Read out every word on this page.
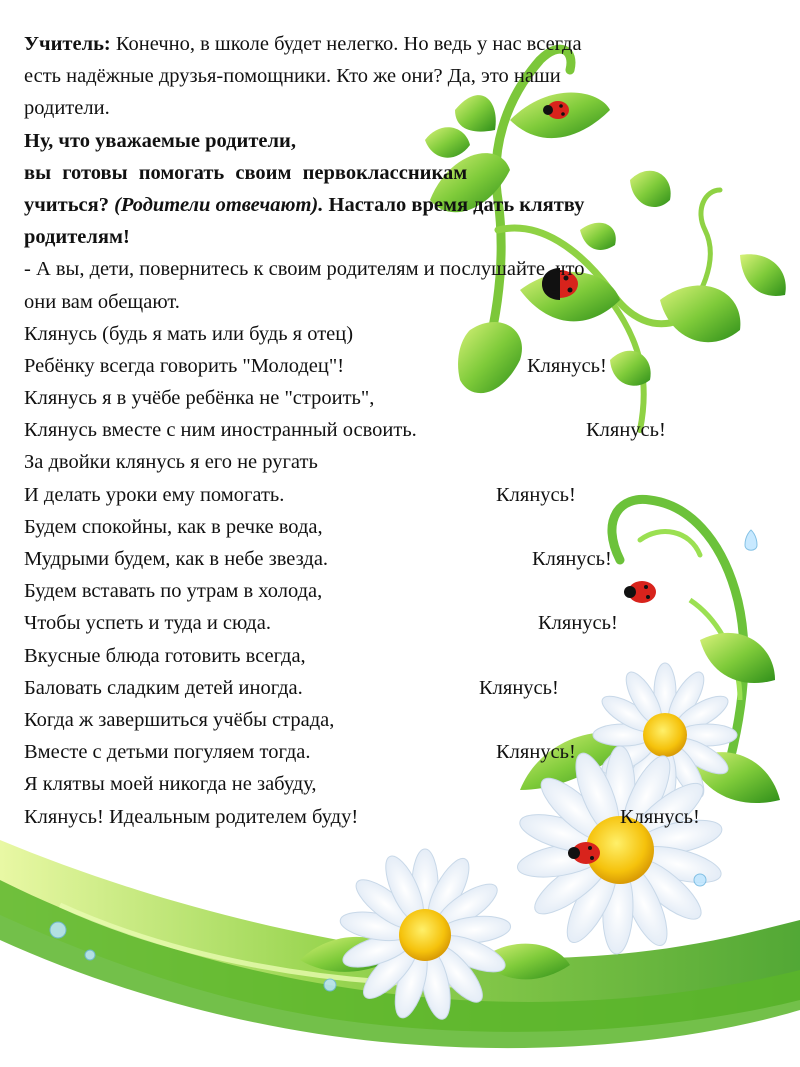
Учитель: Конечно, в школе будет нелегко. Но ведь у нас всегда
есть надёжные друзья-помощники. Кто же они? Да, это наши
родители.
Ну, что уважаемые родители,
вы готовы помогать своим первоклассникам
учиться? (Родители отвечают). Настало время дать клятву
родителям!
- А вы, дети, повернитесь к своим родителям и послушайте, что
они вам обещают.
Клянусь (будь я мать или будь я отец)
Ребёнку всегда говорить "Молодец"!	Клянусь!
Клянусь я в учёбе ребёнка не "строить",
Клянусь вместе с ним иностранный освоить.	Клянусь!
За двойки клянусь я его не ругать
И делать уроки ему помогать.	Клянусь!
Будем спокойны, как в речке вода,
Мудрыми будем, как в небе звезда.	Клянусь!
Будем вставать по утрам в холода,
Чтобы успеть и туда и сюда.	Клянусь!
Вкусные блюда готовить всегда,
Баловать сладким детей иногда.	Клянусь!
Когда ж завершиться учёбы страда,
Вместе с детьми погуляем тогда.	Клянусь!
Я клятвы моей никогда не забуду,
Клянусь! Идеальным родителем буду!	Клянусь!
